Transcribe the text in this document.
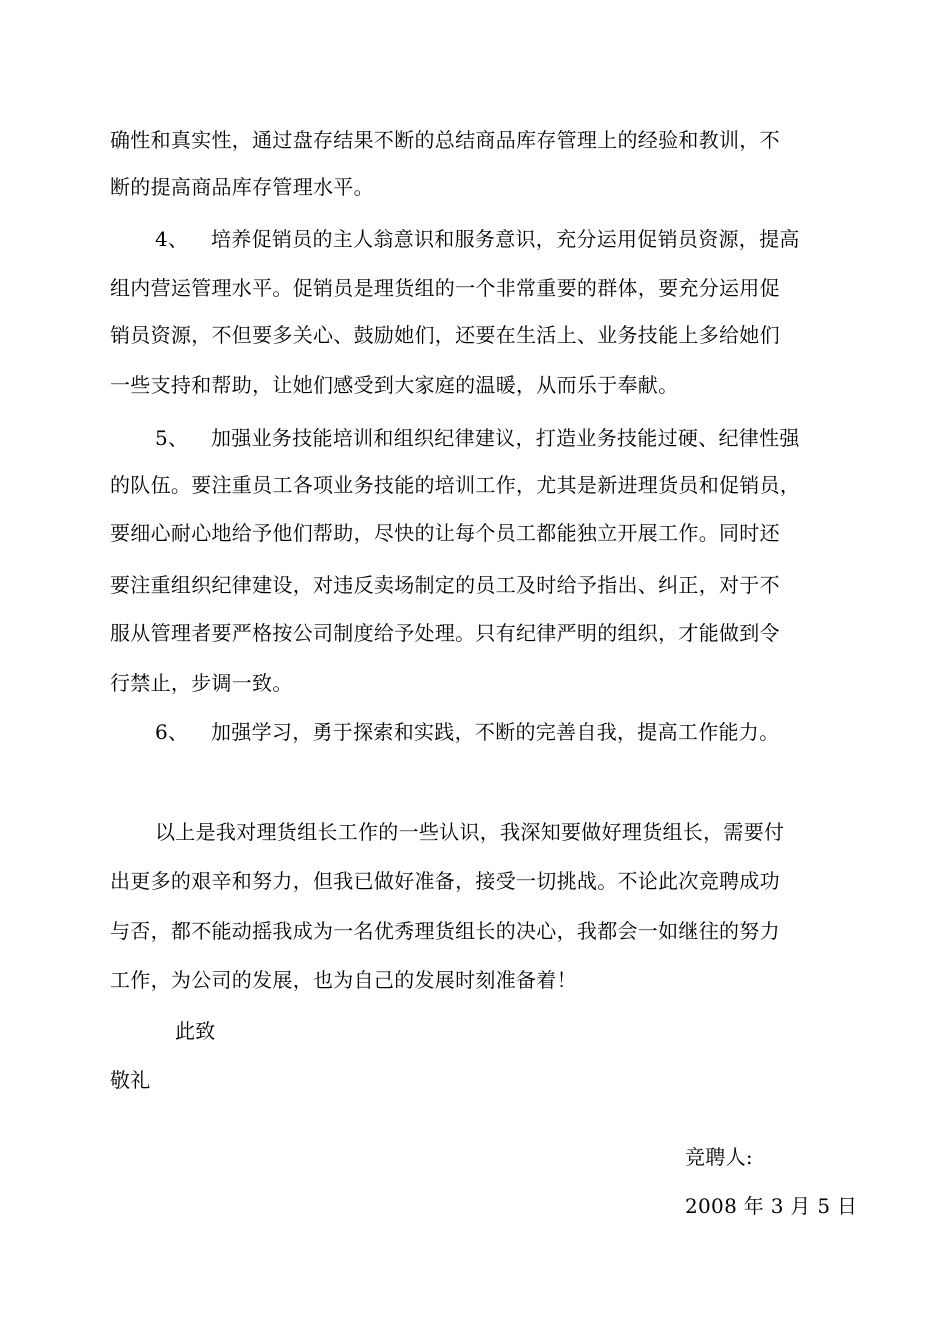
确性和真实性，通过盘存结果不断的总结商品库存管理上的经验和教训，不
断的提高商品库存管理水平。
4、 培养促销员的主人翁意识和服务意识，充分运用促销员资源，提高
组内营运管理水平。促销员是理货组的一个非常重要的群体，要充分运用促
销员资源，不但要多关心、鼓励她们，还要在生活上、业务技能上多给她们
一些支持和帮助，让她们感受到大家庭的温暖，从而乐于奉献。
5、 加强业务技能培训和组织纪律建议，打造业务技能过硬、纪律性强
的队伍。要注重员工各项业务技能的培训工作，尤其是新进理货员和促销员，
要细心耐心地给予他们帮助，尽快的让每个员工都能独立开展工作。同时还
要注重组织纪律建设，对违反卖场制定的员工及时给予指出、纠正，对于不
服从管理者要严格按公司制度给予处理。只有纪律严明的组织，才能做到令
行禁止，步调一致。
6、 加强学习，勇于探索和实践，不断的完善自我，提高工作能力。
以上是我对理货组长工作的一些认识，我深知要做好理货组长，需要付
出更多的艰辛和努力，但我已做好准备，接受一切挑战。不论此次竞聘成功
与否，都不能动摇我成为一名优秀理货组长的决心，我都会一如继往的努力
工作，为公司的发展，也为自己的发展时刻准备着！
此致
敬礼
竞聘人:
2008 年 3 月 5 日
